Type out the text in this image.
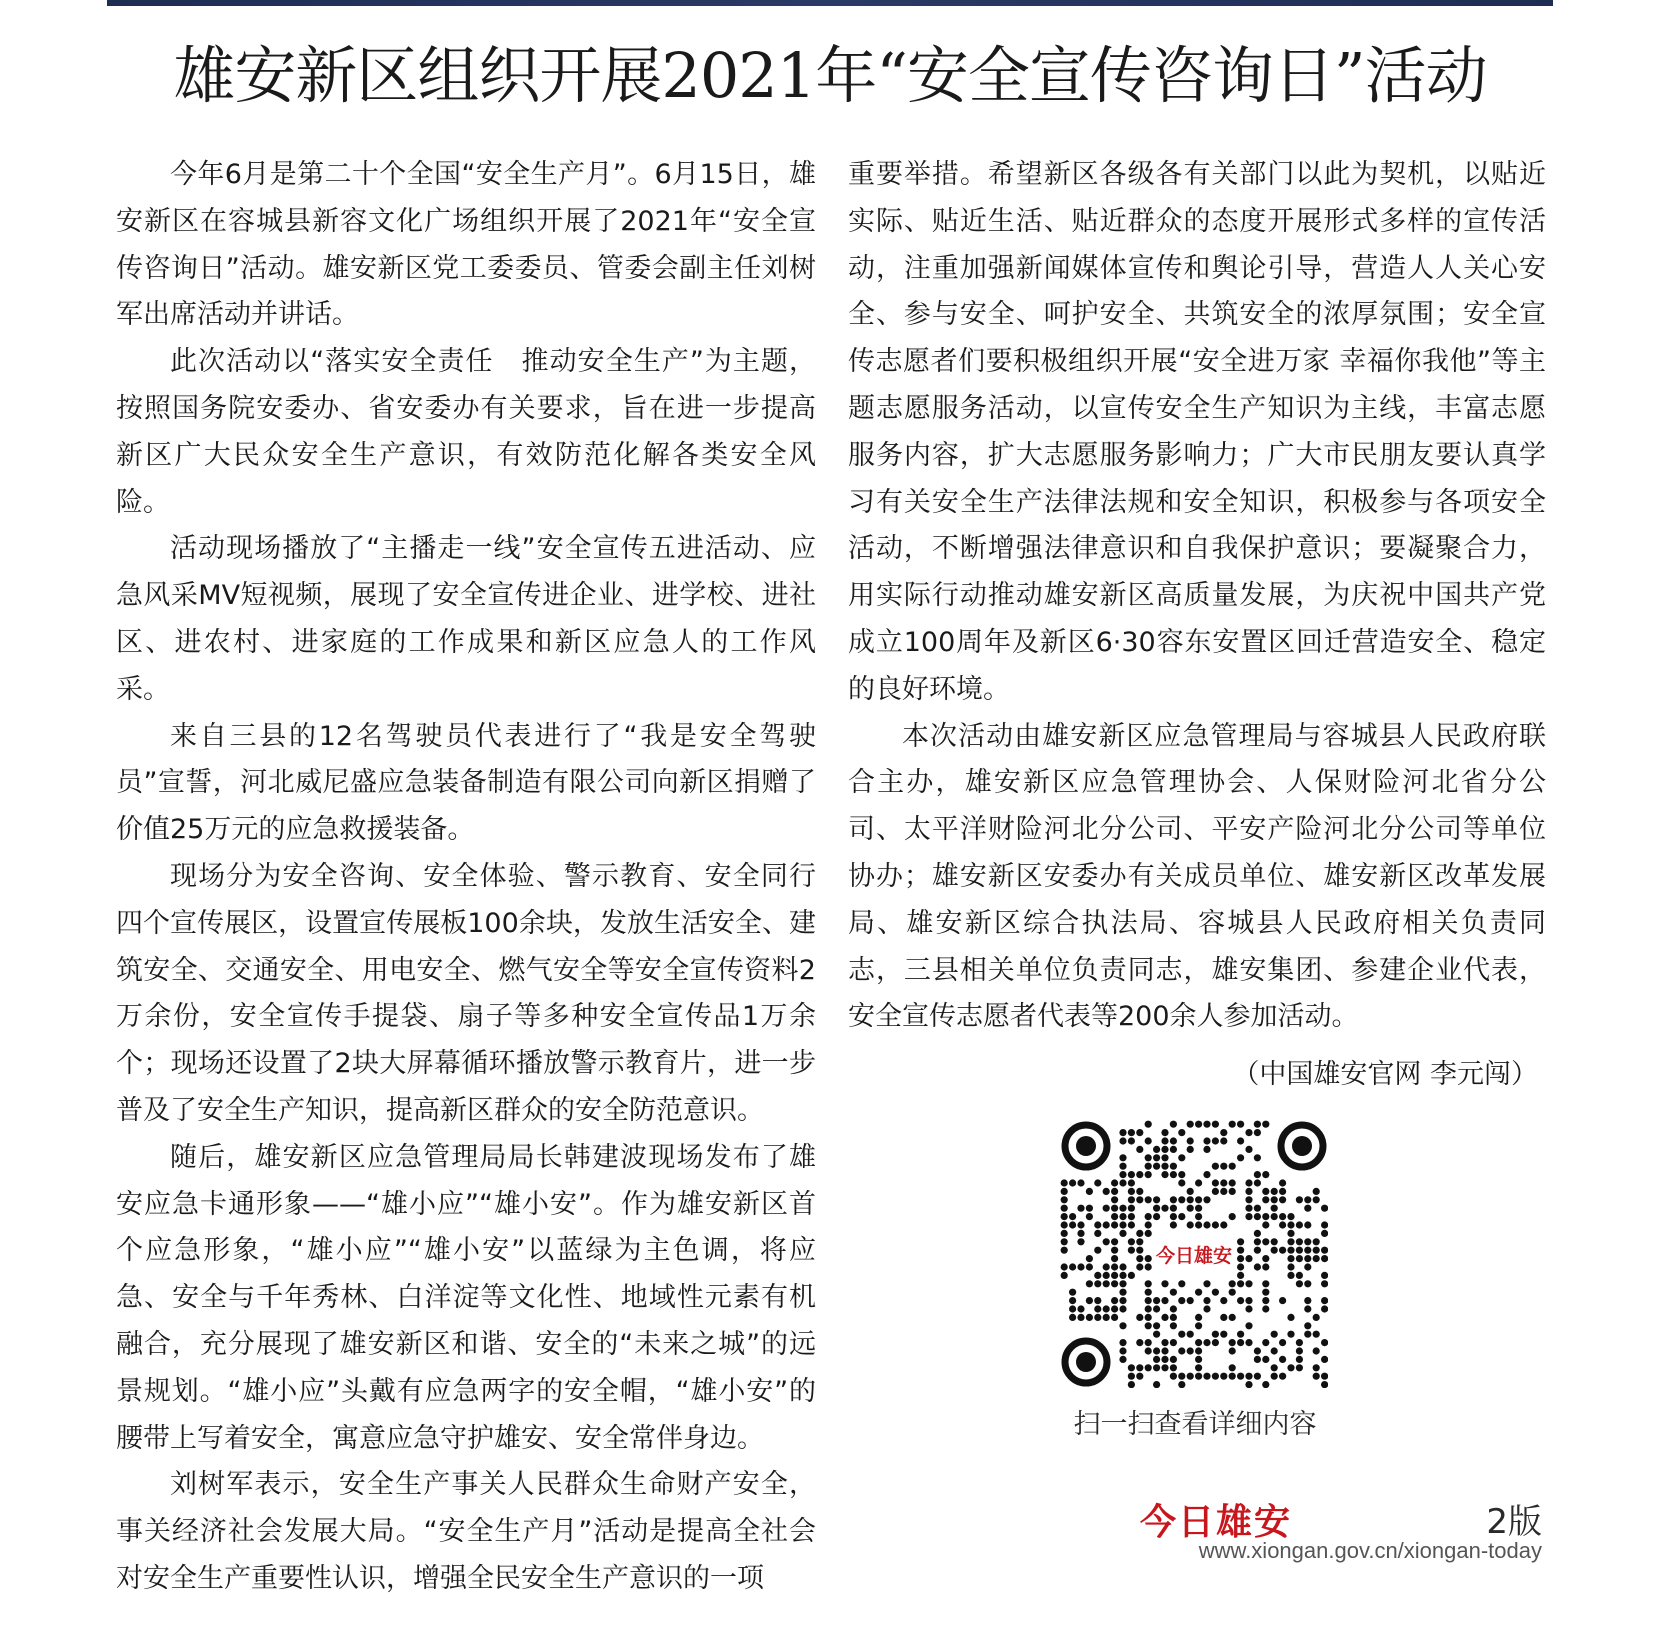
雄安新区组织开展2021年“安全宣传咨询日”活动

今年6月是第二十个全国“安全生产月”。6月15日，雄安新区在容城县新容文化广场组织开展了2021年“安全宣传咨询日”活动。雄安新区党工委委员、管委会副主任刘树军出席活动并讲话。

此次活动以“落实安全责任　推动安全生产”为主题，按照国务院安委办、省安委办有关要求，旨在进一步提高新区广大民众安全生产意识，有效防范化解各类安全风险。

活动现场播放了“主播走一线”安全宣传五进活动、应急风采MV短视频，展现了安全宣传进企业、进学校、进社区、进农村、进家庭的工作成果和新区应急人的工作风采。

来自三县的12名驾驶员代表进行了“我是安全驾驶员”宣誓，河北威尼盛应急装备制造有限公司向新区捐赠了价值25万元的应急救援装备。

现场分为安全咨询、安全体验、警示教育、安全同行四个宣传展区，设置宣传展板100余块，发放生活安全、建筑安全、交通安全、用电安全、燃气安全等安全宣传资料2万余份，安全宣传手提袋、扇子等多种安全宣传品1万余个；现场还设置了2块大屏幕循环播放警示教育片，进一步普及了安全生产知识，提高新区群众的安全防范意识。

随后，雄安新区应急管理局局长韩建波现场发布了雄安应急卡通形象——“雄小应”“雄小安”。作为雄安新区首个应急形象，“雄小应”“雄小安”以蓝绿为主色调，将应急、安全与千年秀林、白洋淀等文化性、地域性元素有机融合，充分展现了雄安新区和谐、安全的“未来之城”的远景规划。“雄小应”头戴有应急两字的安全帽，“雄小安”的腰带上写着安全，寓意应急守护雄安、安全常伴身边。

刘树军表示，安全生产事关人民群众生命财产安全，事关经济社会发展大局。“安全生产月”活动是提高全社会对安全生产重要性认识，增强全民安全生产意识的一项

重要举措。希望新区各级各有关部门以此为契机，以贴近实际、贴近生活、贴近群众的态度开展形式多样的宣传活动，注重加强新闻媒体宣传和舆论引导，营造人人关心安全、参与安全、呵护安全、共筑安全的浓厚氛围；安全宣传志愿者们要积极组织开展“安全进万家 幸福你我他”等主题志愿服务活动，以宣传安全生产知识为主线，丰富志愿服务内容，扩大志愿服务影响力；广大市民朋友要认真学习有关安全生产法律法规和安全知识，积极参与各项安全活动，不断增强法律意识和自我保护意识；要凝聚合力，用实际行动推动雄安新区高质量发展，为庆祝中国共产党成立100周年及新区6·30容东安置区回迁营造安全、稳定的良好环境。

本次活动由雄安新区应急管理局与容城县人民政府联合主办，雄安新区应急管理协会、人保财险河北省分公司、太平洋财险河北分公司、平安产险河北分公司等单位协办；雄安新区安委办有关成员单位、雄安新区改革发展局、雄安新区综合执法局、容城县人民政府相关负责同志，三县相关单位负责同志，雄安集团、参建企业代表，安全宣传志愿者代表等200余人参加活动。

（中国雄安官网 李元闯）
今日雄安
扫一扫查看详细内容
今日雄安	2版
www.xiongan.gov.cn/xiongan-today
